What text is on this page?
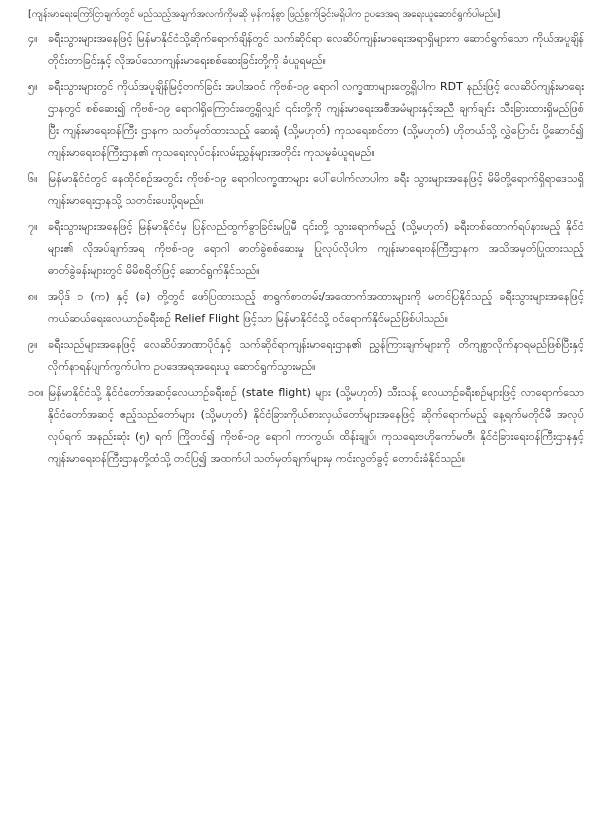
[ကျန်းမာရေးကြော်ငြာချက်တွင် မည်သည့်အချက်အလက်ကိုမဆို မှန်ကန်စွာ ဖြည့်စွက်ခြင်းမရှိပါက ဥပဒေအရ အရေးယူဆောင်ရွက်ပါမည်။]

၄။ ခရီးသွားများအနေဖြင့် မြန်မာနိုင်ငံသို့ဆိုက်ရောက်ချိန်တွင် သက်ဆိုင်ရာ လေဆိပ်ကျန်းမာရေးအရာရှိများက ဆောင်ရွက်သော ကိုယ်အပူချိန်တိုင်းတာခြင်းနှင့် လိုအပ်သောကျန်းမာရေးစစ်ဆေးခြင်းတို့ကို ခံယူရမည်။
၅။ ခရီးသွားများတွင် ကိုယ်အပူချိန်မြင့်တက်ခြင်း အပါအဝင် ကိုဗစ်-၁၉ ရောဂါ လက္ခဏာများတွေ့ရှိပါက RDT နည်းဖြင့် လေဆိပ်ကျန်းမာရေးဌာနတွင် စစ်ဆေး၍ ကိုဗစ်-၁၉ ရောဂါရှိကြောင်းတွေ့ရှိလျှင် ၎င်းတို့ကို ကျန်းမာရေးအစီအမံများနှင့်အညီ ချက်ချင်း သီးခြားထားရှိမည်ဖြစ်ပြီး ကျန်းမာရေးဝန်ကြီး ဌာနက သတ်မှတ်ထားသည့် ဆေးရုံ (သို့မဟုတ်) ကုသရေးစင်တာ (သို့မဟုတ်) ဟိုတယ်သို့ လွှဲပြောင်း ပို့ဆောင်၍ ကျန်းမာရေးဝန်ကြီးဌာန၏ ကုသရေးလုပ်ငန်းလမ်းညွှန်များအတိုင်း ကုသမှုခံယူရမည်။
၆။ မြန်မာနိုင်ငံတွင် နေထိုင်စဉ်အတွင်း ကိုဗစ်-၁၉ ရောဂါလက္ခဏာများ ပေါ်ပေါက်လာပါက ခရီး သွားများအနေဖြင့် မိမိတို့ရောက်ရှိရာဒေသရှိ ကျန်းမာရေးဌာနသို့ သတင်းပေးပို့ရမည်။
၇။ ခရီးသွားများအနေဖြင့် မြန်မာနိုင်ငံမှ ပြန်လည်ထွက်ခွာခြင်းမပြုမီ ၎င်းတို့ သွားရောက်မည့် (သို့မဟုတ်) ခရီးတစ်ထောက်ရပ်နားမည့် နိုင်ငံများ၏ လိုအပ်ချက်အရ ကိုဗစ်-၁၉ ရောဂါ ဓာတ်ခွဲစစ်ဆေးမှု ပြုလုပ်လိုပါက ကျန်းမာရေးဝန်ကြီးဌာနက အသိအမှတ်ပြုထားသည့် ဓာတ်ခွဲခန်းများတွင် မိမိစရိတ်ဖြင့် ဆောင်ရွက်နိုင်သည်။
၈။ အပိုဒ် ၁ (က) နှင့် (ခ) တို့တွင် ဖော်ပြထားသည့် စာရွက်စာတမ်း/အထောက်အထားများကို မတင်ပြနိုင်သည့် ခရီးသွားများအနေဖြင့် ကယ်ဆယ်ရေးလေယာဉ်ခရီးစဉ် Relief Flight ဖြင့်သာ မြန်မာနိုင်ငံသို့ ဝင်ရောက်နိုင်မည်ဖြစ်ပါသည်။
၉။ ခရီးသည်များအနေဖြင့် လေဆိပ်အာဏာပိုင်နှင့် သက်ဆိုင်ရာကျန်းမာရေးဌာန၏ ညွှန်ကြားချက်များကို တိကျစွာလိုက်နာရမည်ဖြစ်ပြီးနှင့် လိုက်နာရန်ပျက်ကွက်ပါက ဥပဒေအရအရေးယူ ဆောင်ရွက်သွားမည်။
၁၀။ မြန်မာနိုင်ငံသို့ နိုင်ငံတော်အဆင့်လေယာဉ်ခရီးစဉ် (state flight) များ (သို့မဟုတ်) သီးသန့် လေယာဉ်ခရီးစဉ်များဖြင့် လာရောက်သော နိုင်ငံတော်အဆင့် ဧည့်သည်တော်များ (သို့မဟုတ်) နိုင်ငံခြားကိုယ်စားလှယ်တော်များအနေဖြင့် ဆိုက်ရောက်မည့် နေ့ရက်မတိုင်မီ အလုပ်လုပ်ရက် အနည်းဆုံး (၅) ရက် ကြိုတင်၍ ကိုဗစ်-၁၉ ရောဂါ ကာကွယ်၊ ထိန်းချုပ်၊ ကုသရေးဗဟိုကော်မတီ၊ နိုင်ငံခြားရေးဝန်ကြီးဌာနနှင့် ကျန်းမာရေးဝန်ကြီးဌာနတို့ထံသို့ တင်ပြ၍ အထက်ပါ သတ်မှတ်ချက်များမှ ကင်းလွတ်ခွင့် တောင်းခံနိုင်သည်။
